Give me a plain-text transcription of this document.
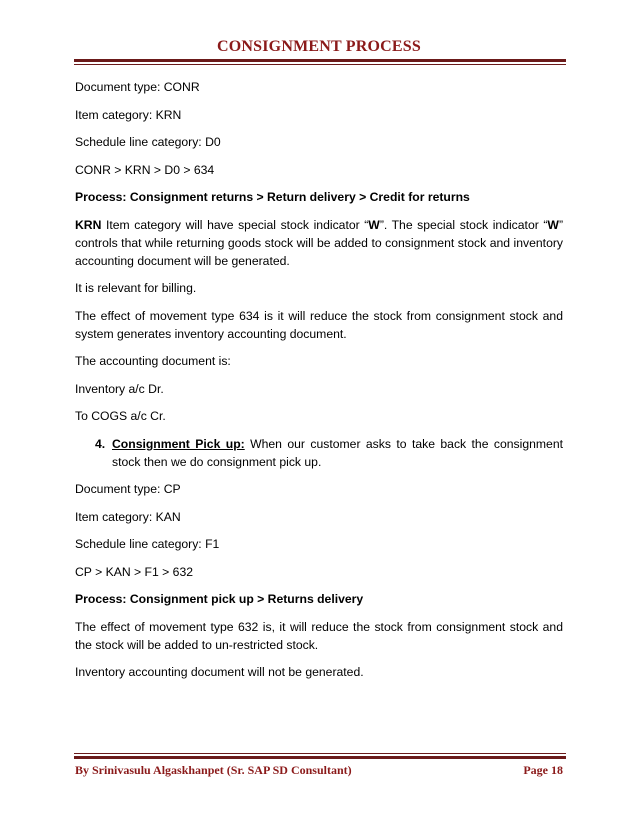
CONSIGNMENT PROCESS

Document type: CONR

Item category: KRN

Schedule line category: D0

CONR > KRN > D0 > 634

Process: Consignment returns > Return delivery > Credit for returns

KRN Item category will have special stock indicator “W”. The special stock indicator “W” controls that while returning goods stock will be added to consignment stock and inventory accounting document will be generated.

It is relevant for billing.

The effect of movement type 634 is it will reduce the stock from consignment stock and system generates inventory accounting document.

The accounting document is:

Inventory a/c Dr.

To COGS a/c Cr.

4. Consignment Pick up: When our customer asks to take back the consignment stock then we do consignment pick up.

Document type: CP

Item category: KAN

Schedule line category: F1

CP > KAN > F1 > 632

Process: Consignment pick up > Returns delivery

The effect of movement type 632 is, it will reduce the stock from consignment stock and the stock will be added to un-restricted stock.

Inventory accounting document will not be generated.

By Srinivasulu Algaskhanpet (Sr. SAP SD Consultant)	Page 18
